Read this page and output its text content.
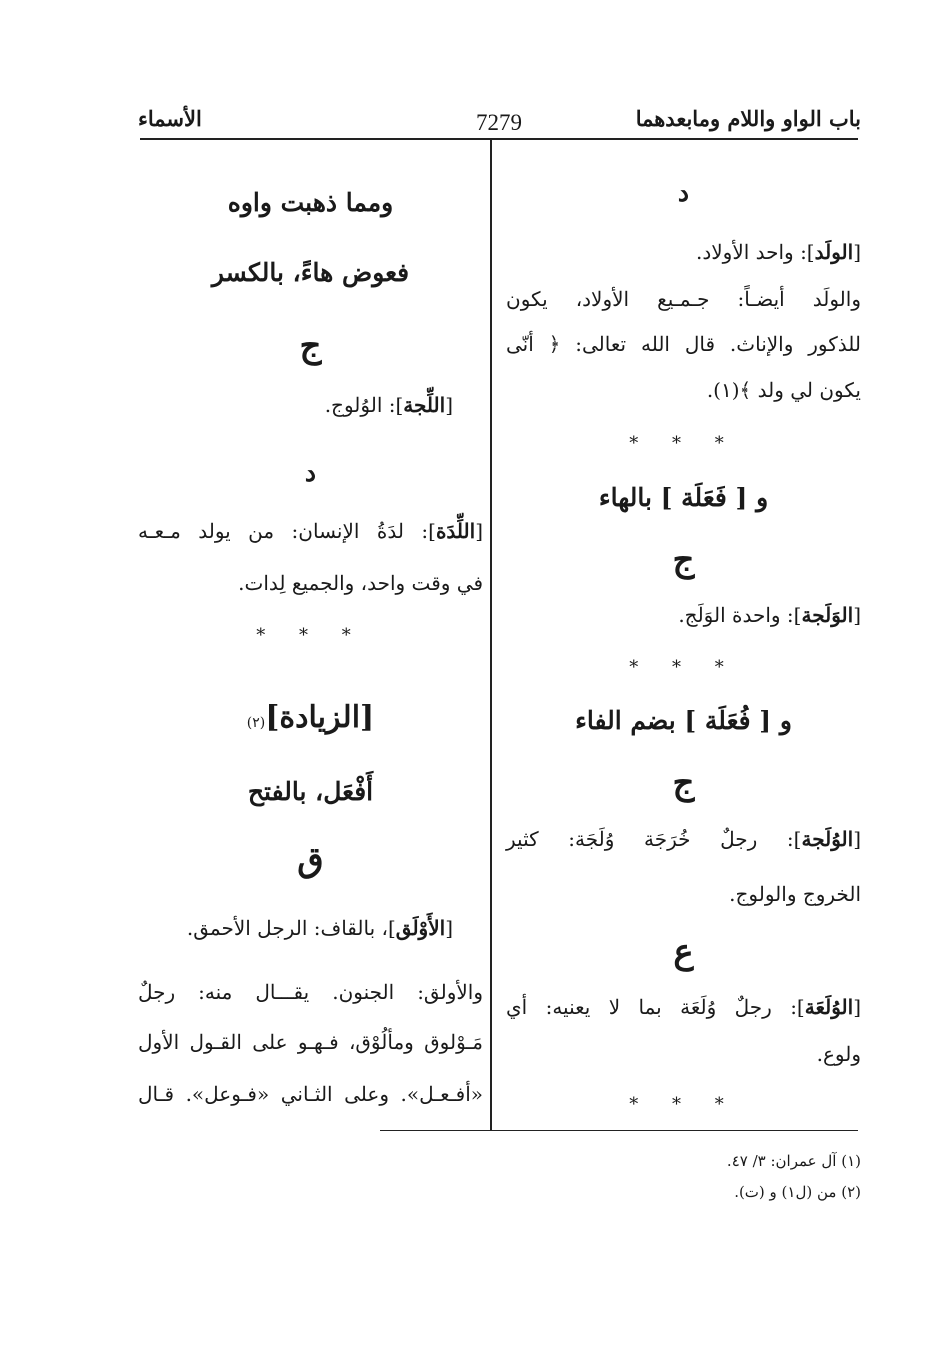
باب الواو واللام ومابعدهما
7279
الأسماء
د
[الولَد]: واحد الأولاد.
والولَد أيضـاً: جـمـيع الأولاد، يكون
للذكور والإناث. قال الله تعالى: ﴿ أنّى
يكون لي ولد ﴾(١).
* * *
و [ فَعَلَة ] بالهاء
ج
[الوَلَجة]: واحدة الوَلَج.
* * *
و [ فُعَلَة ] بضم الفاء
ج
[الوُلَجة]: رجلٌ خُرَجَة وُلَجَة: كثير
الخروج والولوج.
ع
[الوُلَعَة]: رجلٌ وُلَعَة بما لا يعنيه: أي
ولوع.
* * *
ومما ذهبت واوه
فعوض هاءً، بالكسر
ج
[اللِّجة]: الوُلوج.
د
[اللِّدَة]: لدَةُ الإنسان: من يولد مـعـه
في وقت واحد، والجميع لِدات.
* * *
[الزيادة](٢)
أَفْعَل، بالفتح
ق
[الأَوْلَق]، بالقاف: الرجل الأحمق.
والأولق: الجنون. يقـــال منه: رجلٌ
مَـوْلوق ومألُوْق، فـهـو على القـول الأول
«أفـعـل». وعلى الثـاني «فـوعل». قـال
(١) آل عمران: ٣/ ٤٧.
(٢) من (ل١) و (ت).
